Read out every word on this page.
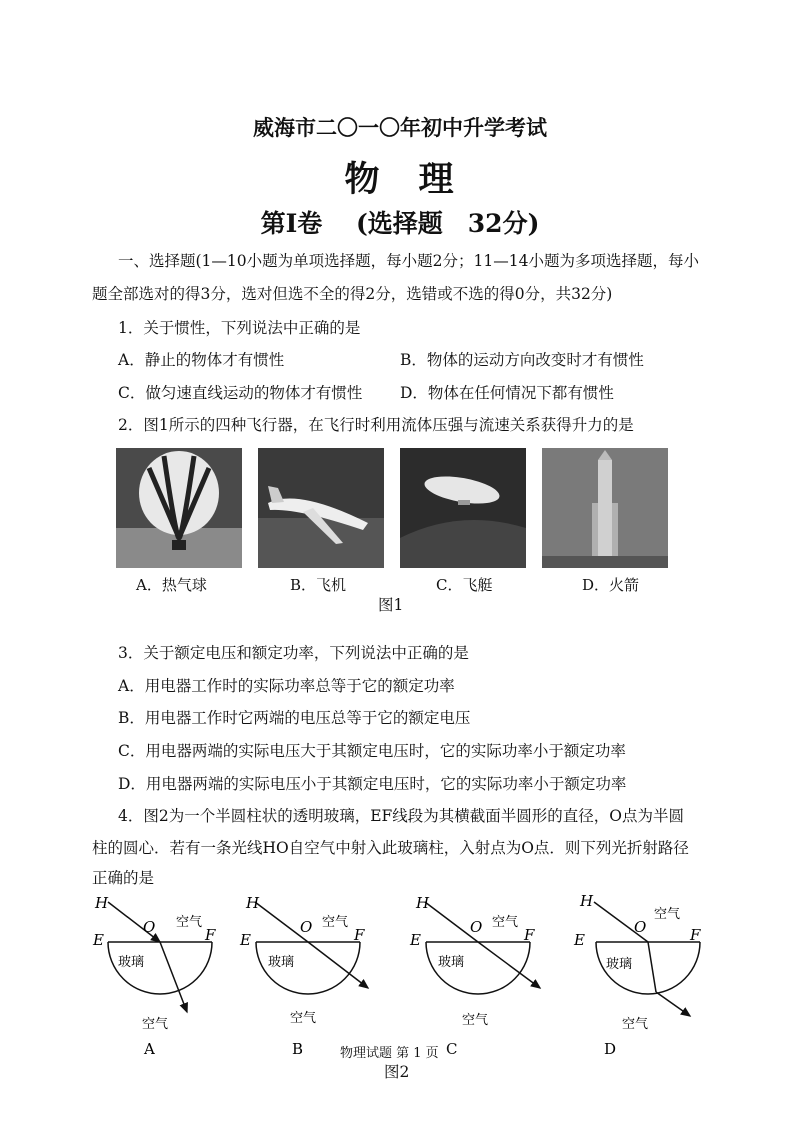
威海市二〇一〇年初中升学考试
物　理
第Ⅰ卷　 (选择题　32分)
一、选择题(1—10小题为单项选择题，每小题2分；11—14小题为多项选择题，每小
题全部选对的得3分，选对但选不全的得2分，选错或不选的得0分，共32分)
1．关于惯性，下列说法中正确的是
A．静止的物体才有惯性	B．物体的运动方向改变时才有惯性
C．做匀速直线运动的物体才有惯性 D．物体在任何情况下都有惯性
2．图1所示的四种飞行器，在飞行时利用流体压强与流速关系获得升力的是
A．热气球	B．飞机	C．飞艇	D．火箭
图1
3．关于额定电压和额定功率，下列说法中正确的是
A．用电器工作时的实际功率总等于它的额定功率
B．用电器工作时它两端的电压总等于它的额定电压
C．用电器两端的实际电压大于其额定电压时，它的实际功率小于额定功率
D．用电器两端的实际电压小于其额定电压时，它的实际功率小于额定功率
4．图2为一个半圆柱状的透明玻璃，EF线段为其横截面半圆形的直径，O点为半圆
柱的圆心．若有一条光线HO自空气中射入此玻璃柱，入射点为O点．则下列光折射路径
正确的是
H
O
E	F
空气
玻璃
空气
A
H
O
E	F
空气
玻璃
空气
B
H
O
E	F
空气
玻璃
空气
H
O
E	F
空气
玻璃
空气
D
物理试题 第 1 页 C
图2
